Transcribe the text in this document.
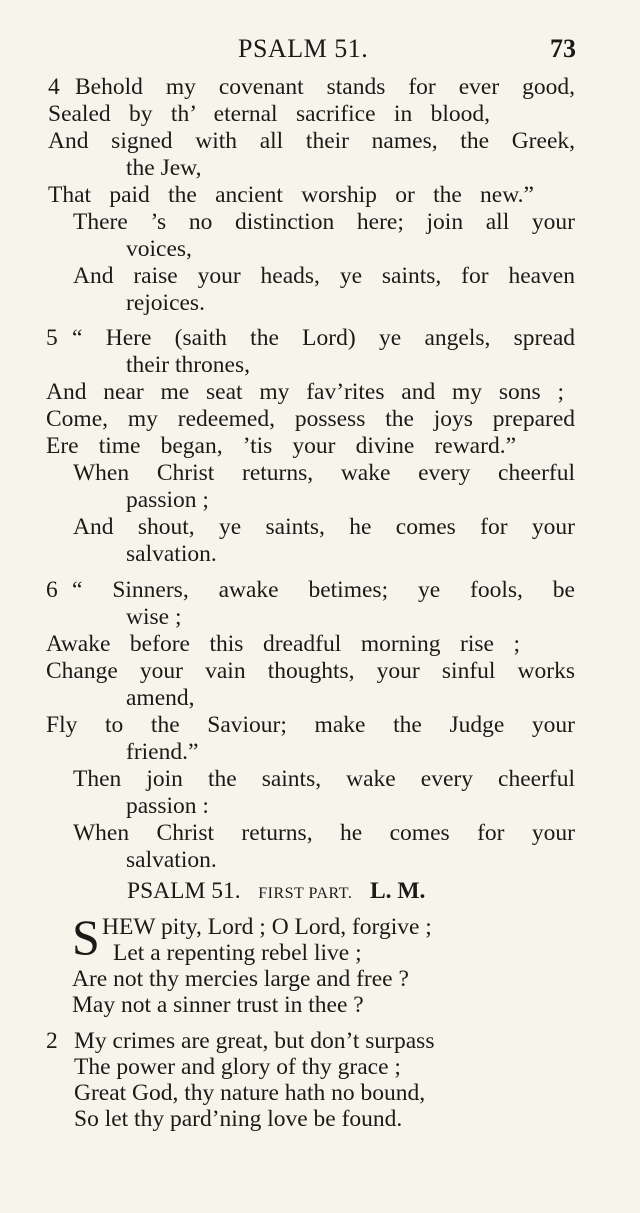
PSALM 51.	73
4 Behold my covenant stands for ever good,
Sealed by th’ eternal sacrifice in blood,
And signed with all their names, the Greek,
the Jew,
That paid the ancient worship or the new.”
There ’s no distinction here; join all your
voices,
And raise your heads, ye saints, for heaven
rejoices.
5 “ Here (saith the Lord) ye angels, spread
their thrones,
And near me seat my fav’rites and my sons ;
Come, my redeemed, possess the joys prepared
Ere time began, ’tis your divine reward.”
When Christ returns, wake every cheerful
passion ;
And shout, ye saints, he comes for your
salvation.
6 “ Sinners, awake betimes; ye fools, be
wise ;
Awake before this dreadful morning rise ;
Change your vain thoughts, your sinful works
amend,
Fly to the Saviour; make the Judge your
friend.”
Then join the saints, wake every cheerful
passion :
When Christ returns, he comes for your
salvation.
PSALM 51. FIRST PART. L. M.
S HEW pity, Lord ; O Lord, forgive ;
Let a repenting rebel live ;
Are not thy mercies large and free ?
May not a sinner trust in thee ?
2 My crimes are great, but don’t surpass
The power and glory of thy grace ;
Great God, thy nature hath no bound,
So let thy pard’ning love be found.
